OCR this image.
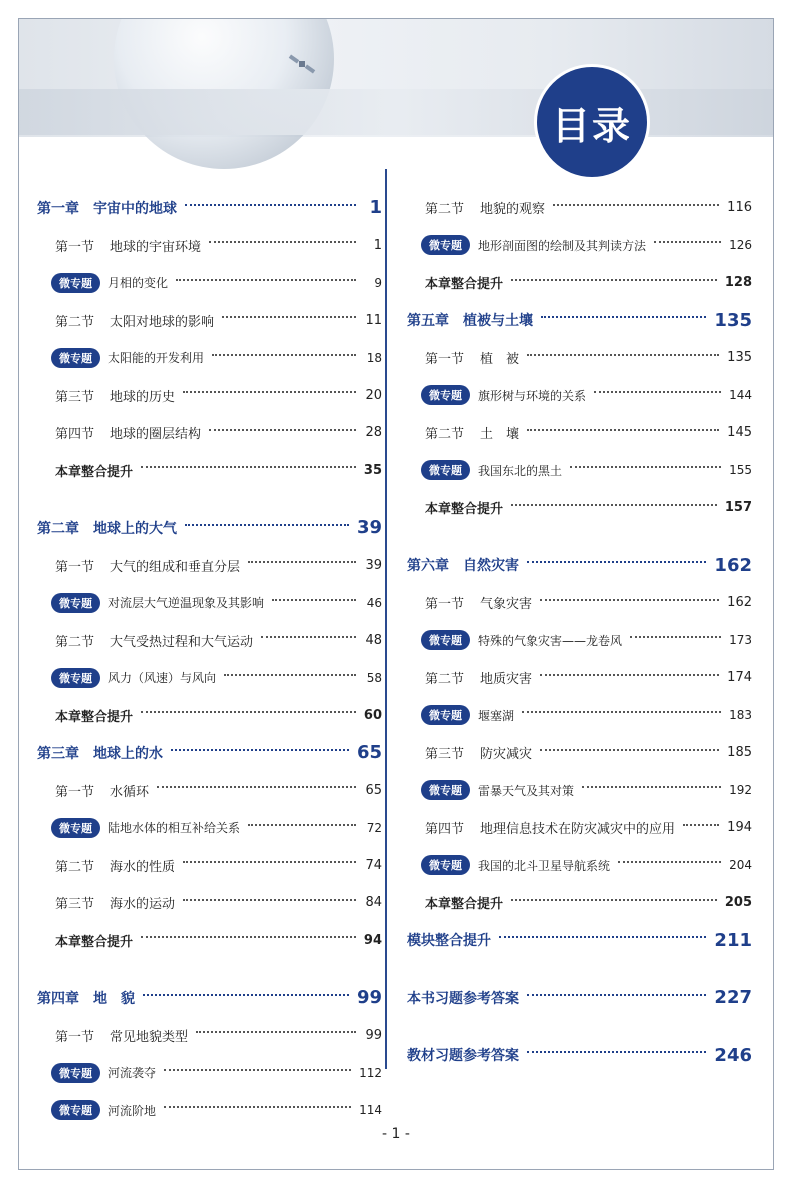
目录
第一章　宇宙中的地球	1
第一节 地球的宇宙环境	1
微专题	月相的变化	9
第二节 太阳对地球的影响	11
微专题	太阳能的开发利用	18
第三节 地球的历史	20
第四节 地球的圈层结构	28
本章整合提升	35
第二章　地球上的大气	39
第一节 大气的组成和垂直分层	39
微专题	对流层大气逆温现象及其影响	46
第二节 大气受热过程和大气运动	48
微专题	风力（风速）与风向	58
本章整合提升	60
第三章　地球上的水	65
第一节 水循环	65
微专题	陆地水体的相互补给关系	72
第二节 海水的性质	74
第三节 海水的运动	84
本章整合提升	94
第四章　地　貌	99
第一节 常见地貌类型	99
微专题	河流袭夺	112
微专题	河流阶地	114
第二节 地貌的观察	116
微专题	地形剖面图的绘制及其判读方法	126
本章整合提升	128
第五章　植被与土壤	135
第一节 植　被	135
微专题	旗形树与环境的关系	144
第二节 土　壤	145
微专题	我国东北的黑土	155
本章整合提升	157
第六章　自然灾害	162
第一节 气象灾害	162
微专题	特殊的气象灾害——龙卷风	173
第二节 地质灾害	174
微专题	堰塞湖	183
第三节 防灾减灾	185
微专题	雷暴天气及其对策	192
第四节 地理信息技术在防灾减灾中的应用	194
微专题	我国的北斗卫星导航系统	204
本章整合提升	205
模块整合提升	211
本书习题参考答案	227
教材习题参考答案	246
- 1 -
